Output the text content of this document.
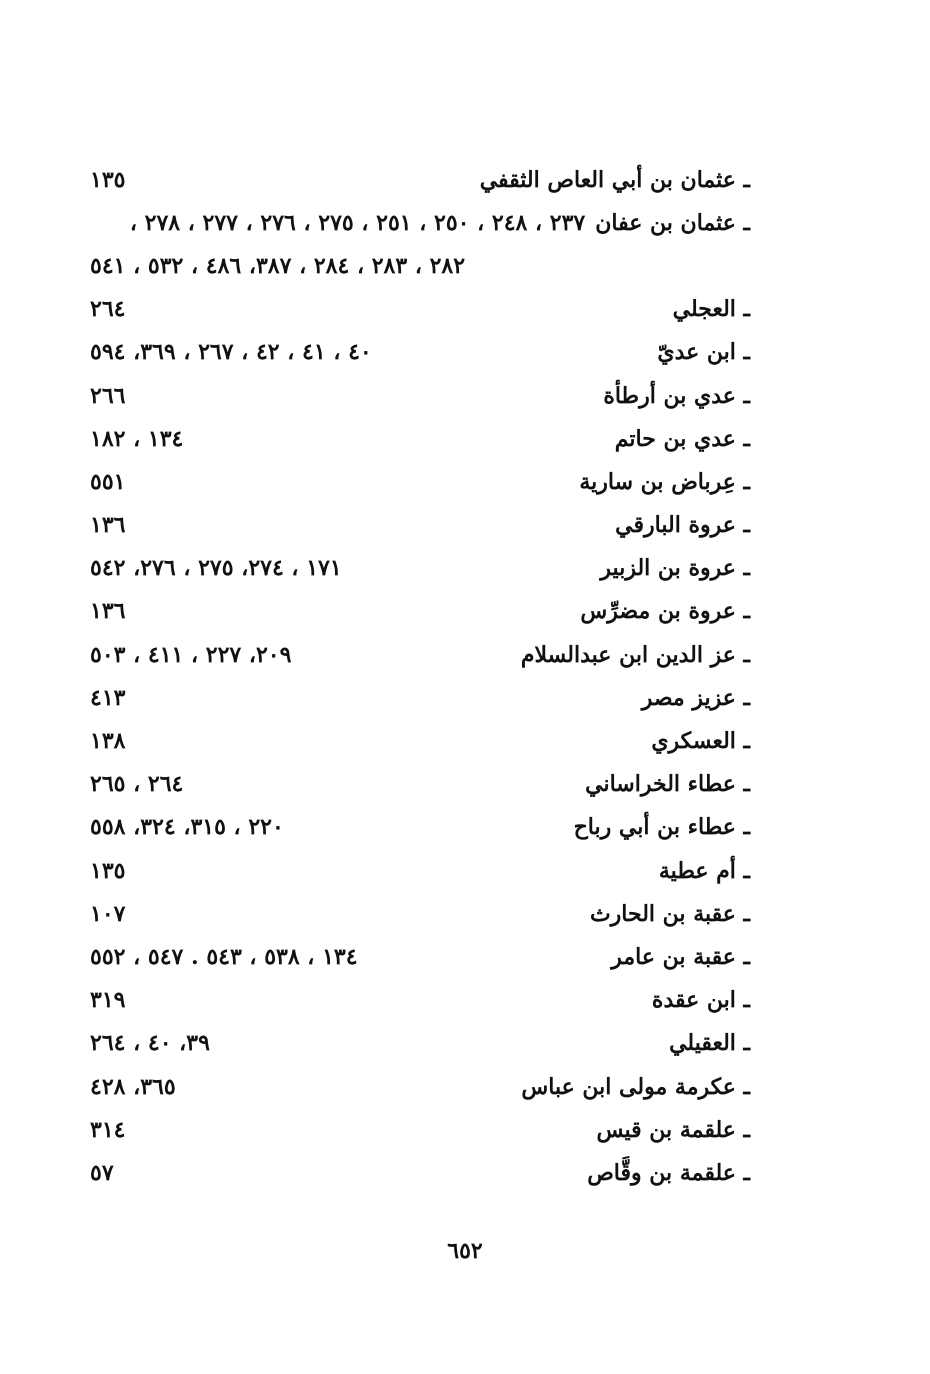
ـ عثمان بن أبي العاص الثقفي
١٣٥
ـ عثمان بن عفان
٢٣٧ ، ٢٤٨ ، ٢٥٠ ، ٢٥١ ، ٢٧٥ ، ٢٧٦ ، ٢٧٧ ، ٢٧٨ ،
٢٨٢ ، ٢٨٣ ، ٢٨٤ ، ٣٨٧، ٤٨٦ ، ٥٣٢ ، ٥٤١
ـ العجلي
٢٦٤
ـ ابن عديّ
٤٠ ، ٤١ ، ٤٢ ، ٢٦٧ ، ٣٦٩، ٥٩٤
ـ عدي بن أرطأة
٢٦٦
ـ عدي بن حاتم
١٣٤ ، ١٨٢
ـ عِرباض بن سارية
٥٥١
ـ عروة البارقي
١٣٦
ـ عروة بن الزبير
١٧١ ، ٢٧٤، ٢٧٥ ، ٢٧٦، ٥٤٢
ـ عروة بن مضرِّس
١٣٦
ـ عز الدين ابن عبدالسلام
٢٠٩، ٢٢٧ ، ٤١١ ، ٥٠٣
ـ عزيز مصر
٤١٣
ـ العسكري
١٣٨
ـ عطاء الخراساني
٢٦٤ ، ٢٦٥
ـ عطاء بن أبي رباح
٢٢٠ ، ٣١٥، ٣٢٤، ٥٥٨
ـ أم عطية
١٣٥
ـ عقبة بن الحارث
١٠٧
ـ عقبة بن عامر
١٣٤ ، ٥٣٨ ، ٥٤٣ . ٥٤٧ ، ٥٥٢
ـ ابن عقدة
٣١٩
ـ العقيلي
٣٩، ٤٠ ، ٢٦٤
ـ عكرمة مولى ابن عباس
٣٦٥، ٤٢٨
ـ علقمة بن قيس
٣١٤
ـ علقمة بن وقَّاص
٥٧
٦٥٢
